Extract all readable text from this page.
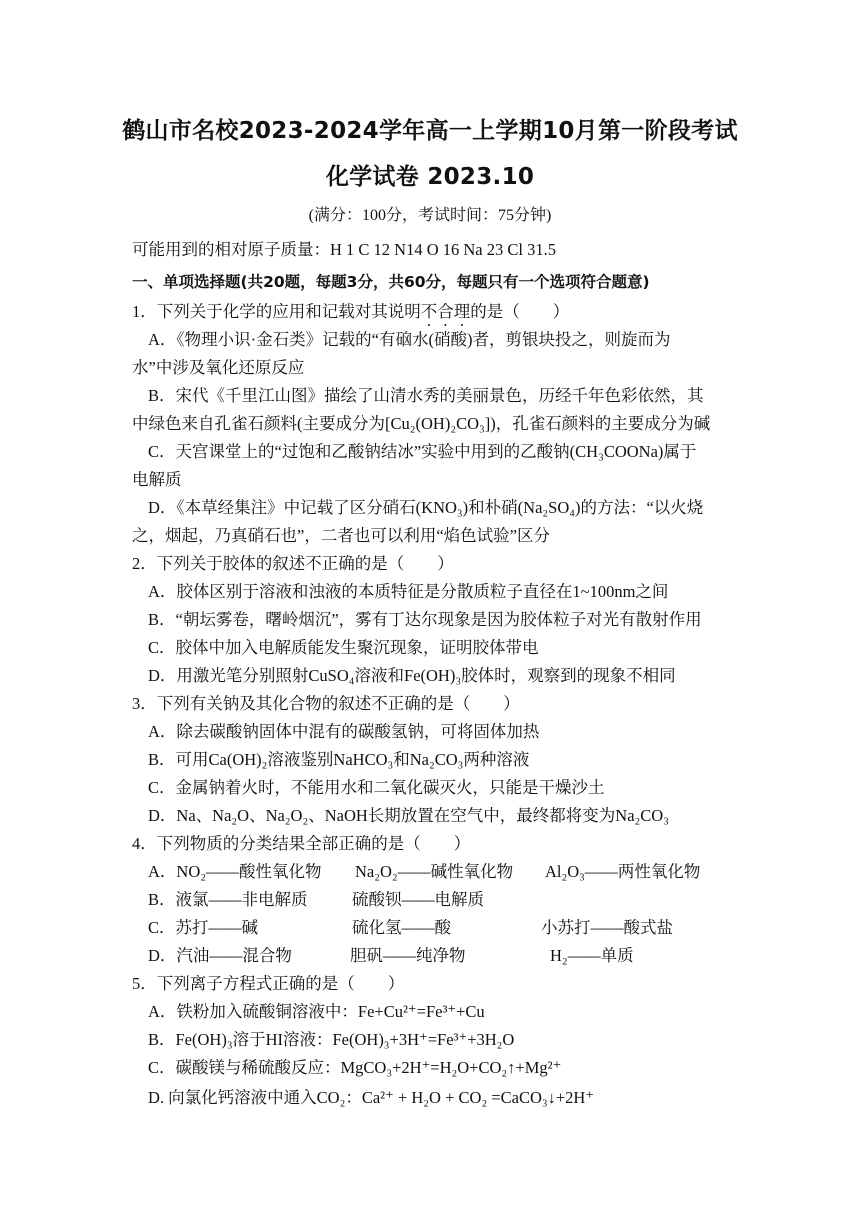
鹤山市名校2023-2024学年高一上学期10月第一阶段考试
化学试卷 2023.10
(满分：100分，考试时间：75分钟)
可能用到的相对原子质量：H 1 C 12 N14 O 16 Na 23 Cl 31.5
一、单项选择题(共20题，每题3分，共60分，每题只有一个选项符合题意)
1．下列关于化学的应用和记载对其说明不合理的是（　　）
A．《物理小识·金石类》记载的“有硇水(硝酸)者，剪银块投之，则旋而为
水”中涉及氧化还原反应
B．宋代《千里江山图》描绘了山清水秀的美丽景色，历经千年色彩依然，其
中绿色来自孔雀石颜料(主要成分为[Cu₂(OH)₂CO₃])，孔雀石颜料的主要成分为碱
C．天宫课堂上的“过饱和乙酸钠结冰”实验中用到的乙酸钠(CH₃COONa)属于
电解质
D．《本草经集注》中记载了区分硝石(KNO₃)和朴硝(Na₂SO₄)的方法：“以火烧
之，烟起，乃真硝石也”，二者也可以利用“焰色试验”区分
2．下列关于胶体的叙述不正确的是（　　）
A．胶体区别于溶液和浊液的本质特征是分散质粒子直径在1~100nm之间
B．“朝坛雾卷，曙岭烟沉”，雾有丁达尔现象是因为胶体粒子对光有散射作用
C．胶体中加入电解质能发生聚沉现象，证明胶体带电
D．用激光笔分别照射CuSO₄溶液和Fe(OH)₃胶体时，观察到的现象不相同
3．下列有关钠及其化合物的叙述不正确的是（　　）
A．除去碳酸钠固体中混有的碳酸氢钠，可将固体加热
B．可用Ca(OH)₂溶液鉴别NaHCO₃和Na₂CO₃两种溶液
C．金属钠着火时，不能用水和二氧化碳灭火，只能是干燥沙土
D．Na、Na₂O、Na₂O₂、NaOH长期放置在空气中，最终都将变为Na₂CO₃
4．下列物质的分类结果全部正确的是（　　）
A．NO₂——酸性氧化物 Na₂O₂——碱性氧化物 Al₂O₃——两性氧化物
B．液氯——非电解质	硫酸钡——电解质
C．苏打——碱	硫化氢——酸	小苏打——酸式盐
D．汽油——混合物	胆矾——纯净物	H₂——单质
5．下列离子方程式正确的是（　　）
A．铁粉加入硫酸铜溶液中：Fe+Cu²⁺=Fe³⁺+Cu
B．Fe(OH)₃溶于HI溶液：Fe(OH)₃+3H⁺=Fe³⁺+3H₂O
C．碳酸镁与稀硫酸反应：MgCO₃+2H⁺=H₂O+CO₂↑+Mg²⁺
D. 向氯化钙溶液中通入CO₂：Ca²⁺ + H₂O + CO₂ =CaCO₃↓+2H⁺
